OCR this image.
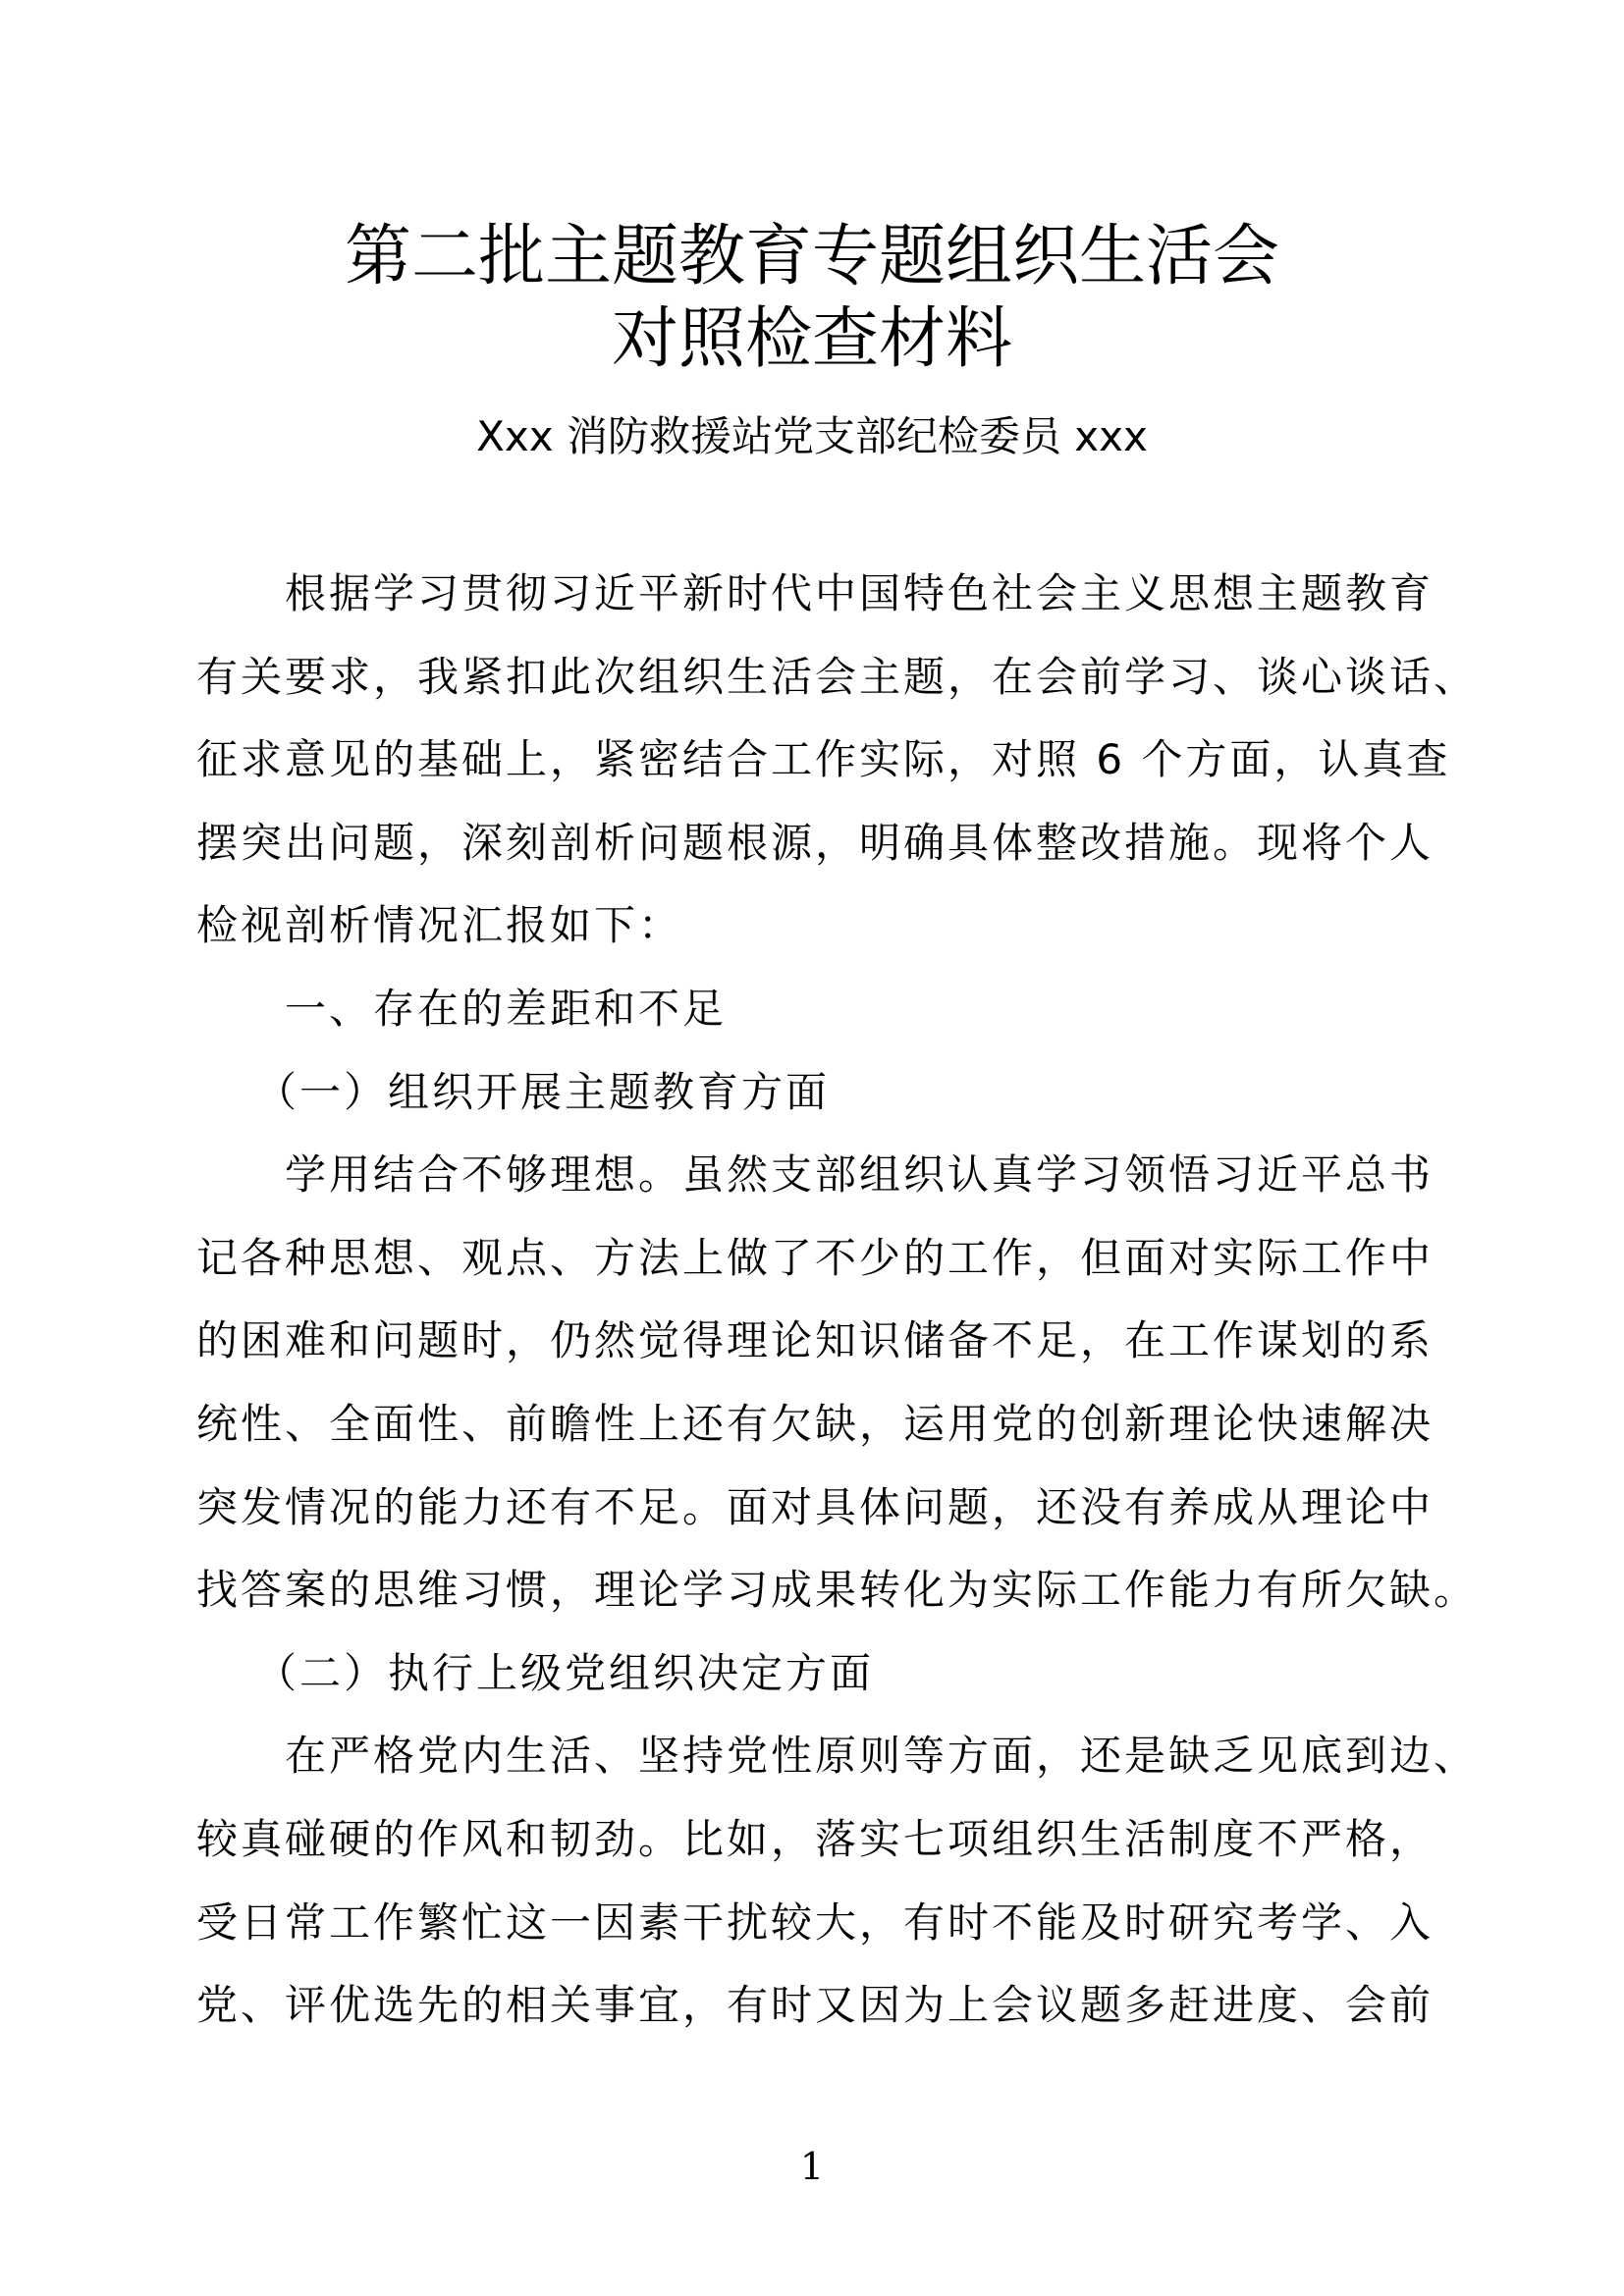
第二批主题教育专题组织生活会
对照检查材料
Xxx 消防救援站党支部纪检委员 xxx
根据学习贯彻习近平新时代中国特色社会主义思想主题教育
有关要求，我紧扣此次组织生活会主题，在会前学习、谈心谈话、
征求意见的基础上，紧密结合工作实际，对照 6 个方面，认真查
摆突出问题，深刻剖析问题根源，明确具体整改措施。现将个人
检视剖析情况汇报如下：
一、存在的差距和不足
（一）组织开展主题教育方面
学用结合不够理想。虽然支部组织认真学习领悟习近平总书
记各种思想、观点、方法上做了不少的工作，但面对实际工作中
的困难和问题时，仍然觉得理论知识储备不足，在工作谋划的系
统性、全面性、前瞻性上还有欠缺，运用党的创新理论快速解决
突发情况的能力还有不足。面对具体问题，还没有养成从理论中
找答案的思维习惯，理论学习成果转化为实际工作能力有所欠缺。
（二）执行上级党组织决定方面
在严格党内生活、坚持党性原则等方面，还是缺乏见底到边、
较真碰硬的作风和韧劲。比如，落实七项组织生活制度不严格，
受日常工作繁忙这一因素干扰较大，有时不能及时研究考学、入
党、评优选先的相关事宜，有时又因为上会议题多赶进度、会前
1
